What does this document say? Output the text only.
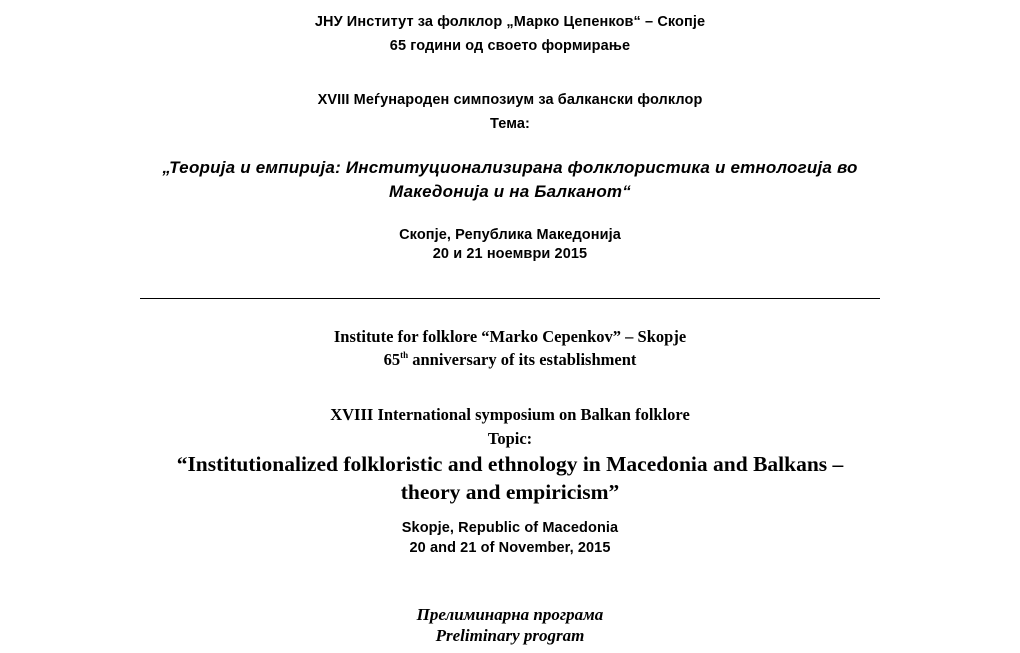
ЈНУ Институт за фолклор „Марко Цепенков“ – Скопје
65 години од своето формирање
XVIII Меѓународен симпозиум за балкански фолклор
Тема:
„Теорија и емпирија: Институционализирана фолклористика и етнологија во
Македонија и на Балканот“
Скопје, Република Македонија
20 и 21 ноември 2015
Institute for folklore “Marko Cepenkov” – Skopje
65th anniversary of its establishment
XVIII International symposium on Balkan folklore
Topic:
“Institutionalized folkloristic and ethnology in Macedonia and Balkans –
theory and empiricism”
Skopje, Republic of Macedonia
20 and 21 of November, 2015
Прелиминарна програма
Preliminary program
